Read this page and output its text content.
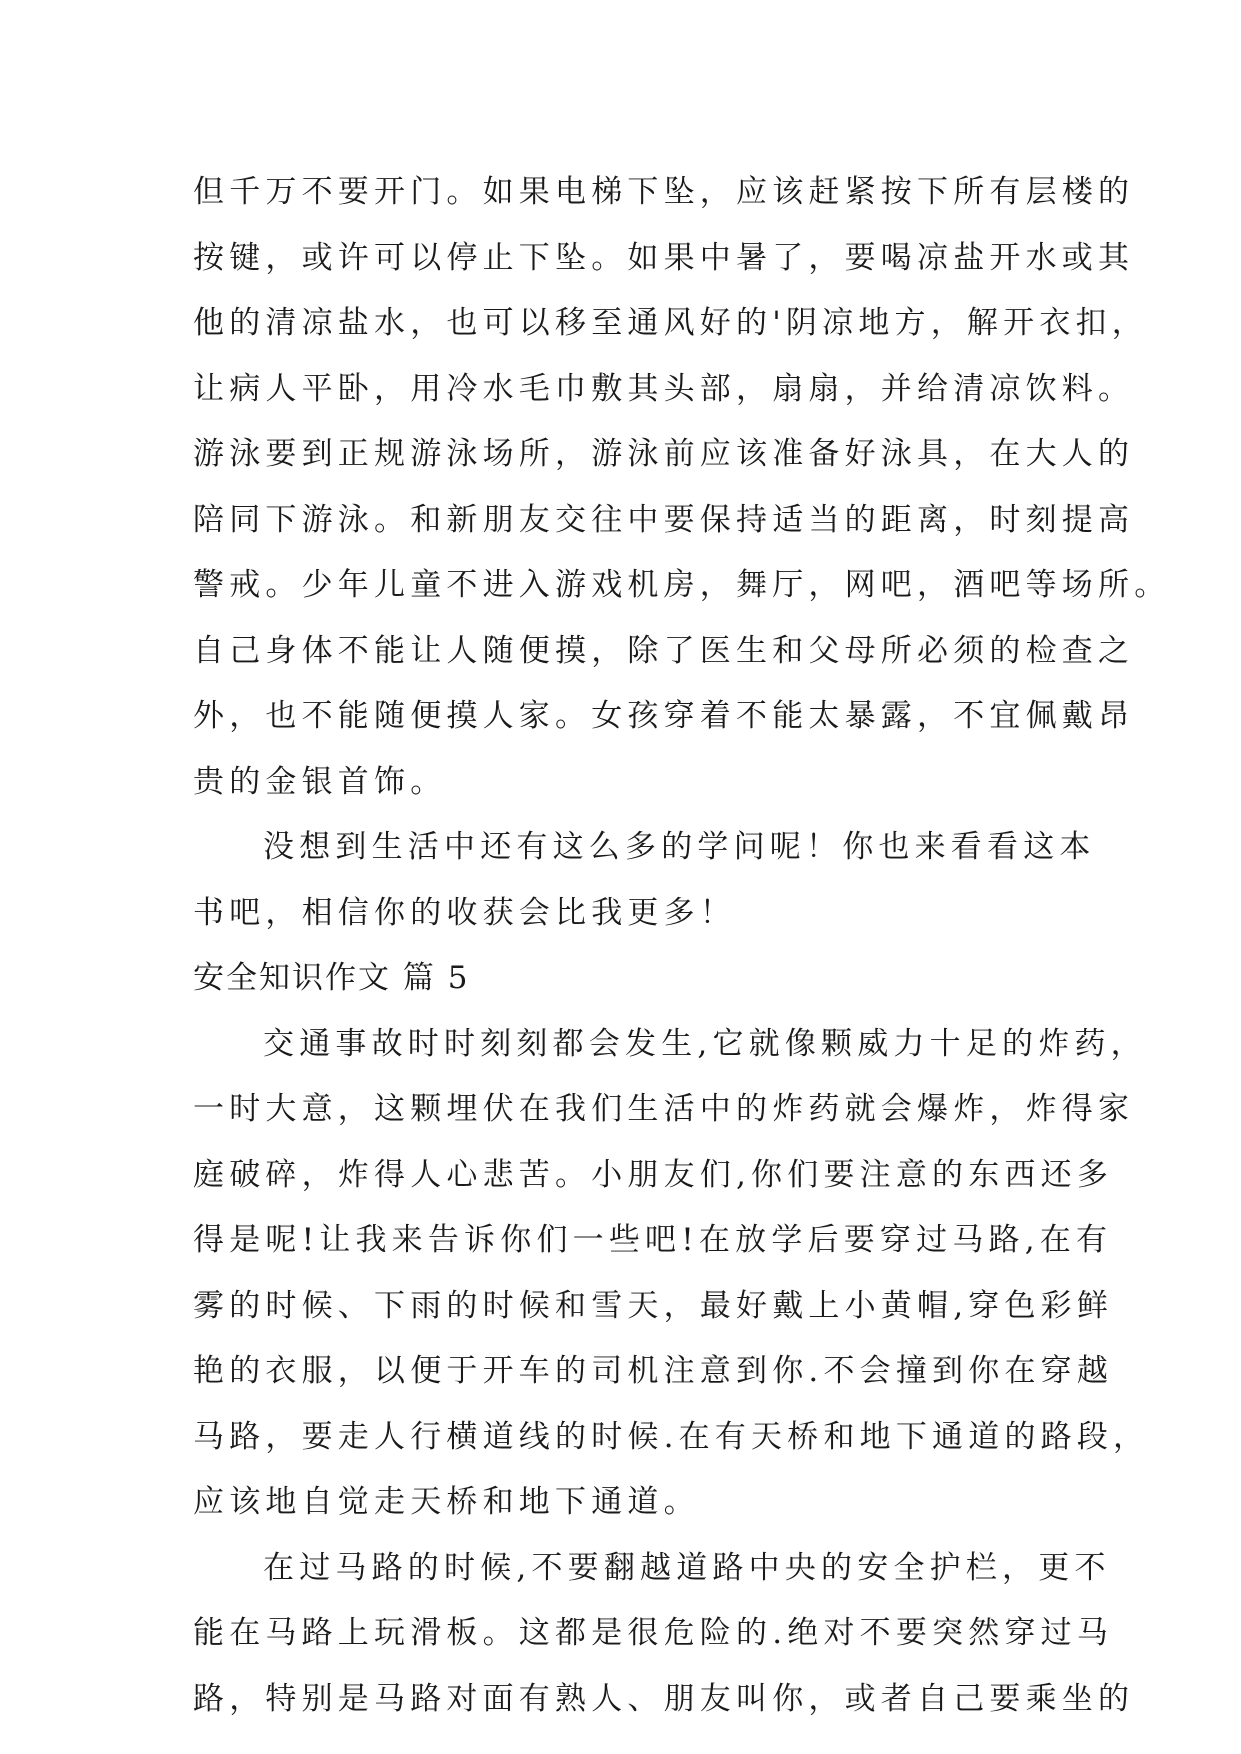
但千万不要开门。如果电梯下坠，应该赶紧按下所有层楼的
按键，或许可以停止下坠。如果中暑了，要喝凉盐开水或其
他的清凉盐水，也可以移至通风好的'阴凉地方，解开衣扣，
让病人平卧，用冷水毛巾敷其头部，扇扇，并给清凉饮料。
游泳要到正规游泳场所，游泳前应该准备好泳具，在大人的
陪同下游泳。和新朋友交往中要保持适当的距离，时刻提高
警戒。少年儿童不进入游戏机房，舞厅，网吧，酒吧等场所。
自己身体不能让人随便摸，除了医生和父母所必须的检查之
外，也不能随便摸人家。女孩穿着不能太暴露，不宜佩戴昂
贵的金银首饰。
没想到生活中还有这么多的学问呢！你也来看看这本
书吧，相信你的收获会比我更多！
安全知识作文 篇 5
交通事故时时刻刻都会发生,它就像颗威力十足的炸药，
一时大意，这颗埋伏在我们生活中的炸药就会爆炸，炸得家
庭破碎，炸得人心悲苦。小朋友们,你们要注意的东西还多
得是呢!让我来告诉你们一些吧!在放学后要穿过马路,在有
雾的时候、下雨的时候和雪天，最好戴上小黄帽,穿色彩鲜
艳的衣服，以便于开车的司机注意到你.不会撞到你在穿越
马路，要走人行横道线的时候.在有天桥和地下通道的路段，
应该地自觉走天桥和地下通道。
在过马路的时候,不要翻越道路中央的安全护栏，更不
能在马路上玩滑板。这都是很危险的.绝对不要突然穿过马
路，特别是马路对面有熟人、朋友叫你，或者自己要乘坐的
